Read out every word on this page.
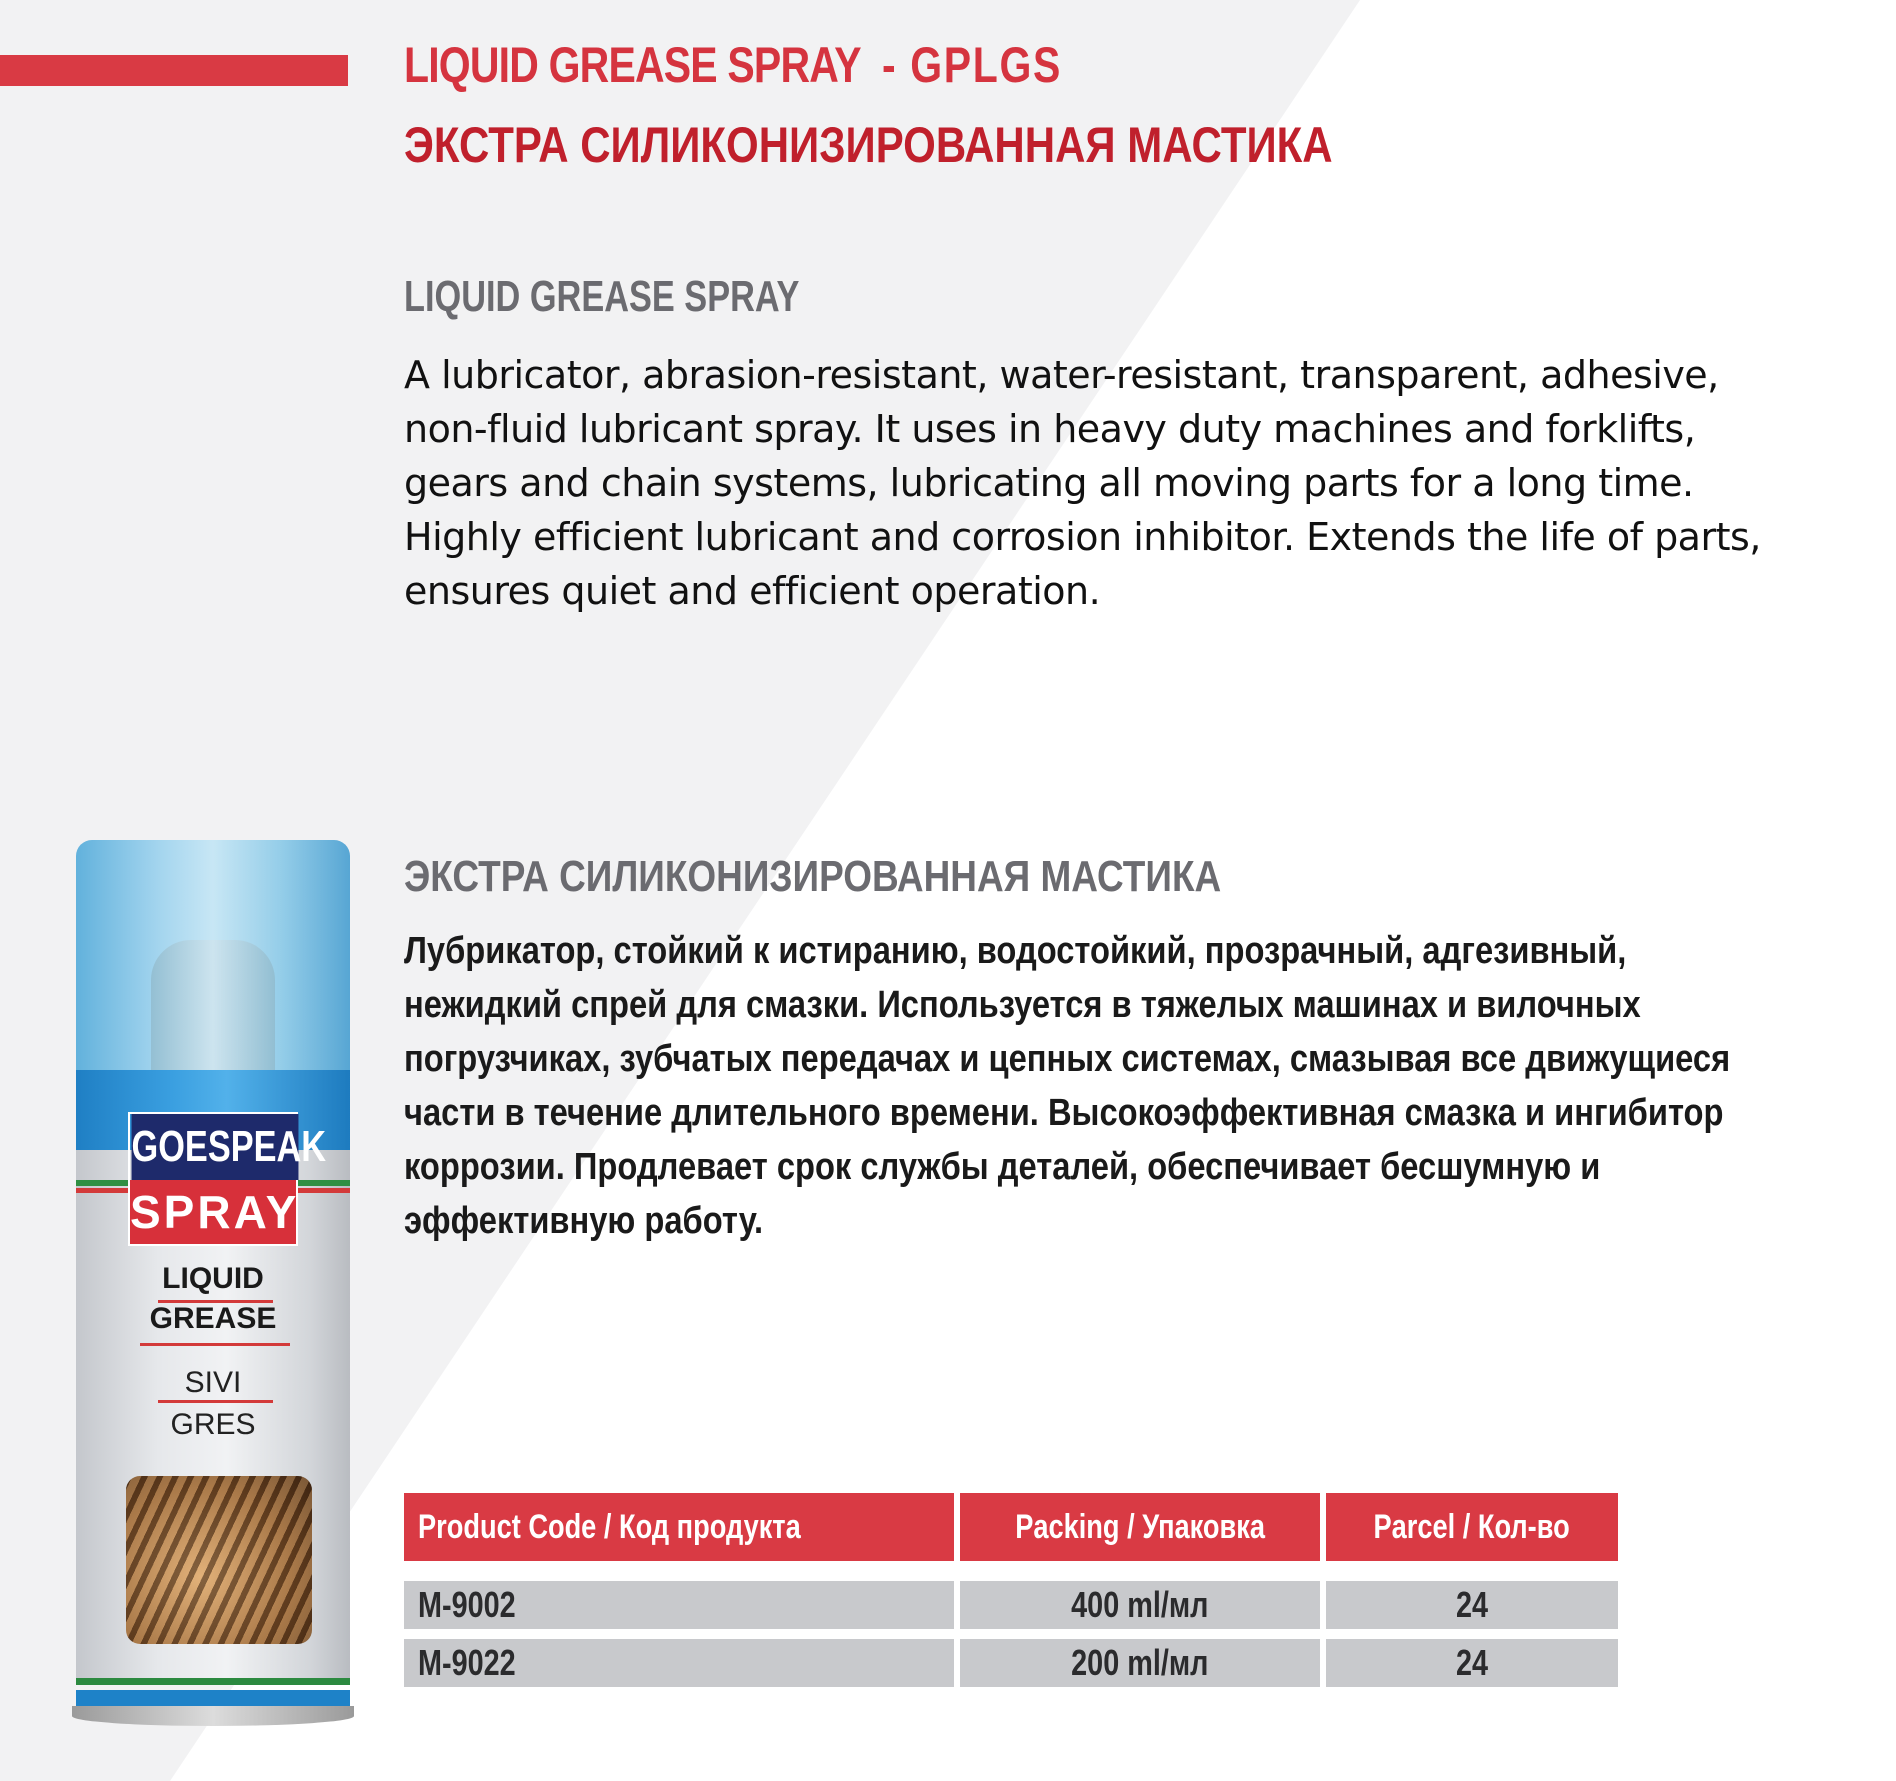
LIQUID GREASE SPRAY - GPLGS
ЭКСТРА СИЛИКОНИЗИРОВАННАЯ МАСТИКА
LIQUID GREASE SPRAY

A lubricator, abrasion-resistant, water-resistant, transparent, adhesive,

non-fluid lubricant spray. It uses in heavy duty machines and forklifts,

gears and chain systems, lubricating all moving parts for a long time.

Highly efficient lubricant and corrosion inhibitor. Extends the life of parts,

ensures quiet and efficient operation.

ЭКСТРА СИЛИКОНИЗИРОВАННАЯ МАСТИКА

Лубрикатор, стойкий к истиранию, водостойкий, прозрачный, адгезивный,

нежидкий спрей для смазки. Используется в тяжелых машинах и вилочных

погрузчиках, зубчатых передачах и цепных системах, смазывая все движущиеся

части в течение длительного времени. Высокоэффективная смазка и ингибитор

коррозии. Продлевает срок службы деталей, обеспечивает бесшумную и

эффективную работу.

GOESPEAK
SPRAY
LIQUID
GREASE
SIVI
GRES
Product Code / Код продукта	Packing / Упаковка	Parcel / Кол-во
M-9002	400 ml/мл	24
M-9022	200 ml/мл	24
